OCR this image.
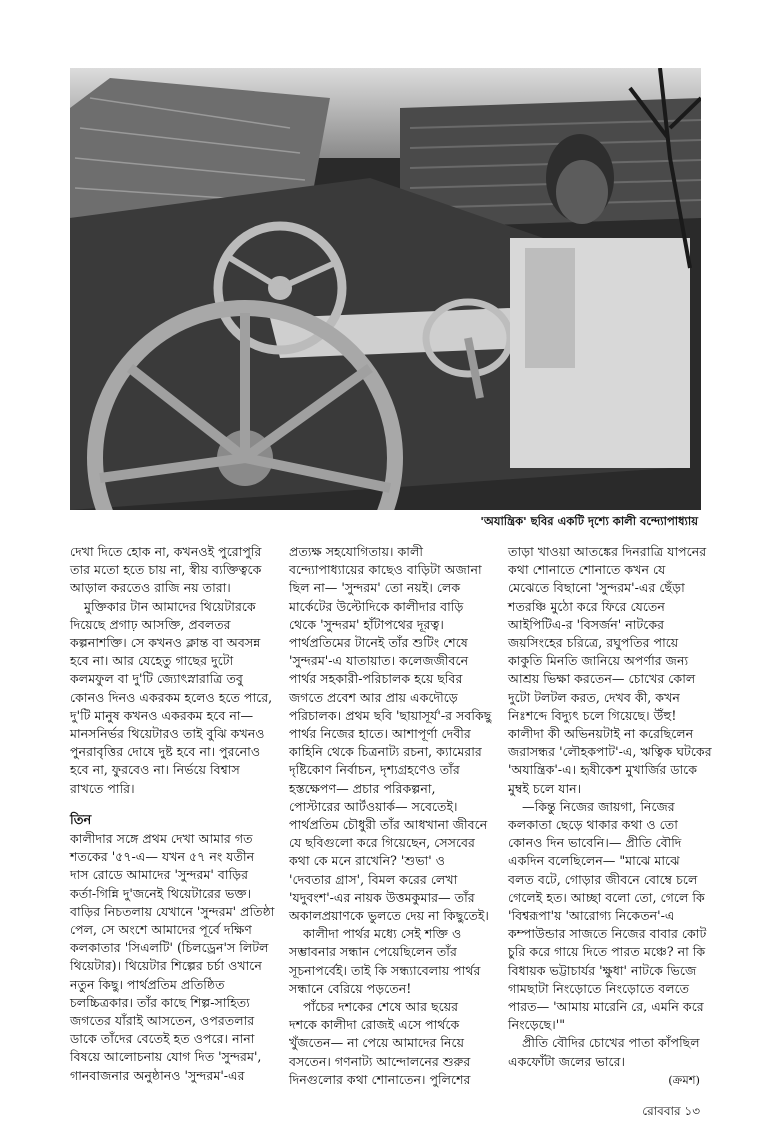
'অযান্ত্রিক' ছবির একটি দৃশ্যে কালী বন্দ্যোপাধ্যায়

দেখা দিতে হোক না, কখনওই পুরোপুরি

তার মতো হতে চায় না, স্বীয় ব্যক্তিত্বকে

আড়াল করতেও রাজি নয় তারা।

মুক্তিকার টান আমাদের থিয়েটারকে

দিয়েছে প্রগাঢ় আসক্তি, প্রবলতর

কল্পনাশক্তি। সে কখনও ক্লান্ত বা অবসন্ন

হবে না। আর যেহেতু গাছের দুটো

কলমফুল বা দু'টি জ্যোৎস্নারাত্রি তবু

কোনও দিনও একরকম হলেও হতে পারে,

দু'টি মানুষ কখনও একরকম হবে না—

মানসনির্ভর থিয়েটারও তাই বুঝি কখনও

পুনরাবৃত্তির দোষে দুষ্ট হবে না। পুরনোও

হবে না, ফুরবেও না। নির্ভয়ে বিশ্বাস

রাখতে পারি।

তিন

কালীদার সঙ্গে প্রথম দেখা আমার গত

শতকের '৫৭-এ— যখন ৫৭ নং যতীন

দাস রোডে আমাদের 'সুন্দরম' বাড়ির

কর্তা-গিন্নি দু'জনেই থিয়েটারের ভক্ত।

বাড়ির নিচতলায় যেখানে 'সুন্দরম' প্রতিষ্ঠা

পেল, সে অংশে আমাদের পূর্বে দক্ষিণ

কলকাতার 'সিএলটি' (চিলড্রেন'স লিটল

থিয়েটার)। থিয়েটার শিল্পের চর্চা ওখানে

নতুন কিছু। পার্থপ্রতিম প্রতিষ্ঠিত

চলচ্চিত্রকার। তাঁর কাছে শিল্প-সাহিত্য

জগতের যাঁরাই আসতেন, ওপরতলার

ডাকে তাঁদের বেতেই হত ওপরে। নানা

বিষয়ে আলোচনায় যোগ দিত 'সুন্দরম',

গানবাজনার অনুষ্ঠানও 'সুন্দরম'-এর

প্রত্যক্ষ সহযোগিতায়। কালী

বন্দ্যোপাধ্যায়ের কাছেও বাড়িটা অজানা

ছিল না— 'সুন্দরম' তো নয়ই। লেক

মার্কেটের উল্টোদিকে কালীদার বাড়ি

থেকে 'সুন্দরম' হাঁটাপথের দূরত্ব।

পার্থপ্রতিমের টানেই তাঁর শুটিং শেষে

'সুন্দরম'-এ যাতায়াত। কলেজজীবনে

পার্থর সহকারী-পরিচালক হয়ে ছবির

জগতে প্রবেশ আর প্রায় একদৌড়ে

পরিচালক। প্রথম ছবি 'ছায়াসূর্য'-র সবকিছু

পার্থর নিজের হাতে। আশাপূর্ণা দেবীর

কাহিনি থেকে চিত্রনাট্য রচনা, ক্যামেরার

দৃষ্টিকোণ নির্বাচন, দৃশ্যগ্রহণেও তাঁর

হস্তক্ষেপণ— প্রচার পরিকল্পনা,

পোস্টারের আর্টওয়ার্ক— সবেতেই।

পার্থপ্রতিম চৌধুরী তাঁর আধখানা জীবনে

যে ছবিগুলো করে গিয়েছেন, সেসবের

কথা কে মনে রাখেনি? 'শুভা' ও

'দেবতার গ্রাস', বিমল করের লেখা

'যদুবংশ'-এর নায়ক উত্তমকুমার— তাঁর

অকালপ্রয়াণকে ভুলতে দেয় না কিছুতেই।

কালীদা পার্থর মধ্যে সেই শক্তি ও

সম্ভাবনার সন্ধান পেয়েছিলেন তাঁর

সূচনাপর্বেই। তাই কি সন্ধ্যাবেলায় পার্থর

সন্ধানে বেরিয়ে পড়তেন!

পাঁচের দশকের শেষে আর ছয়ের

দশকে কালীদা রোজই এসে পার্থকে

খুঁজতেন— না পেয়ে আমাদের নিয়ে

বসতেন। গণনাট্য আন্দোলনের শুরুর

দিনগুলোর কথা শোনাতেন। পুলিশের

তাড়া খাওয়া আতঙ্কের দিনরাত্রি যাপনের

কথা শোনাতে শোনাতে কখন যে

মেঝেতে বিছানো 'সুন্দরম'-এর ছেঁড়া

শতরঞ্চি মুঠো করে ফিরে যেতেন

আইপিটিএ-র 'বিসর্জন' নাটকের

জয়সিংহের চরিত্রে, রঘুপতির পায়ে

কাকুতি মিনতি জানিয়ে অপর্ণার জন্য

আশ্রয় ভিক্ষা করতেন— চোখের কোল

দুটো টলটল করত, দেখব কী, কখন

নিঃশব্দে বিদ্যুৎ চলে গিয়েছে। উঁহু!

কালীদা কী অভিনয়টাই না করেছিলেন

জরাসন্ধর 'লৌহকপাট'-এ, ঋত্বিক ঘটকের

'অযান্ত্রিক'-এ। হৃষীকেশ মুখার্জির ডাকে

মুম্বই চলে যান।

—কিন্তু নিজের জায়গা, নিজের

কলকাতা ছেড়ে থাকার কথা ও তো

কোনও দিন ভাবেনি।— প্রীতি বৌদি

একদিন বলেছিলেন— "মাঝে মাঝে

বলত বটে, গোড়ার জীবনে বোম্বে চলে

গেলেই হত। আচ্ছা বলো তো, গেলে কি

'বিশ্বরূপা'য় 'আরোগ্য নিকেতন'-এ

কম্পাউন্ডার সাজতে নিজের বাবার কোট

চুরি করে গায়ে দিতে পারত মঞ্চে? না কি

বিধায়ক ভট্টাচার্যর 'ক্ষুধা' নাটকে ভিজে

গামছাটা নিংড়োতে নিংড়োতে বলতে

পারত— 'আমায় মারেনি রে, এমনি করে

নিংড়েছে।'"

প্রীতি বৌদির চোখের পাতা কাঁপছিল

একফোঁটা জলের ভারে।

(ক্রমশ)
রোববার ১৩
